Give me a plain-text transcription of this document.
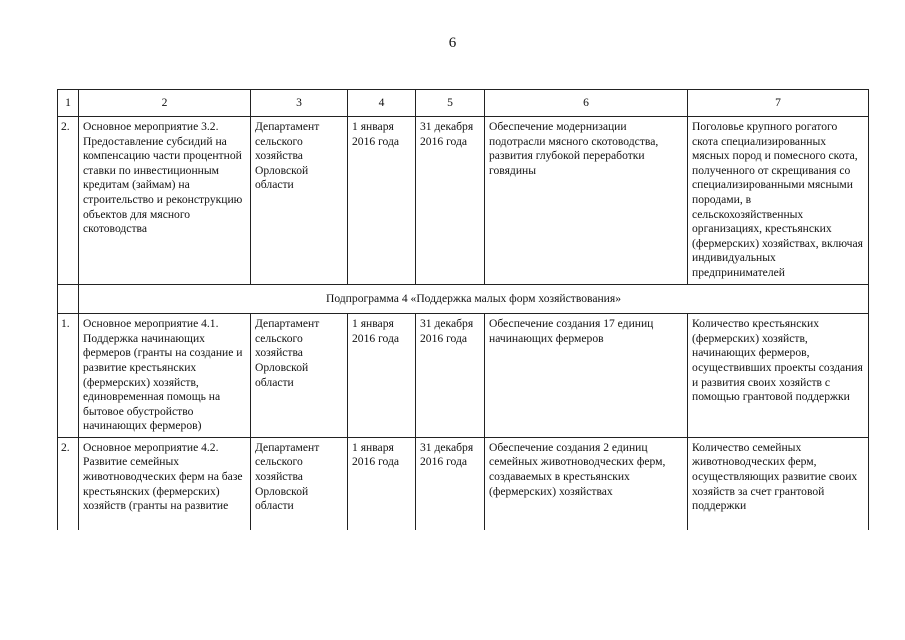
6
1	2	3	4	5	6	7
2.	Основное мероприятие 3.2. Предоставление субсидий на компенсацию части процентной ставки по инвестиционным кредитам (займам) на строительство и реконструкцию объектов для мясного скотоводства	Департамент сельского хозяйства Орловской области	1 января 2016 года	31 декабря 2016 года	Обеспечение модернизации подотрасли мясного скотоводства, развития глубокой переработки говядины	Поголовье крупного рогатого скота специализированных мясных пород и помесного скота, полученного от скрещивания со специализированными мясными породами, в сельскохозяйственных организациях, крестьянских (фермерских) хозяйствах, включая индивидуальных предпринимателей
	Подпрограмма 4 «Поддержка малых форм хозяйствования»					
1.	Основное мероприятие 4.1. Поддержка начинающих фермеров (гранты на создание и развитие крестьянских (фермерских) хозяйств, единовременная помощь на бытовое обустройство начинающих фермеров)	Департамент сельского хозяйства Орловской области	1 января 2016 года	31 декабря 2016 года	Обеспечение создания 17 единиц начинающих фермеров	Количество крестьянских (фермерских) хозяйств, начинающих фермеров, осуществивших проекты создания и развития своих хозяйств с помощью грантовой поддержки
2.	Основное мероприятие 4.2. Развитие семейных животноводческих ферм на базе крестьянских (фермерских) хозяйств (гранты на развитие	Департамент сельского хозяйства Орловской области	1 января 2016 года	31 декабря 2016 года	Обеспечение создания 2 единиц семейных животноводческих ферм, создаваемых в крестьянских (фермерских) хозяйствах	Количество семейных животноводческих ферм, осуществляющих развитие своих хозяйств за счет грантовой поддержки
